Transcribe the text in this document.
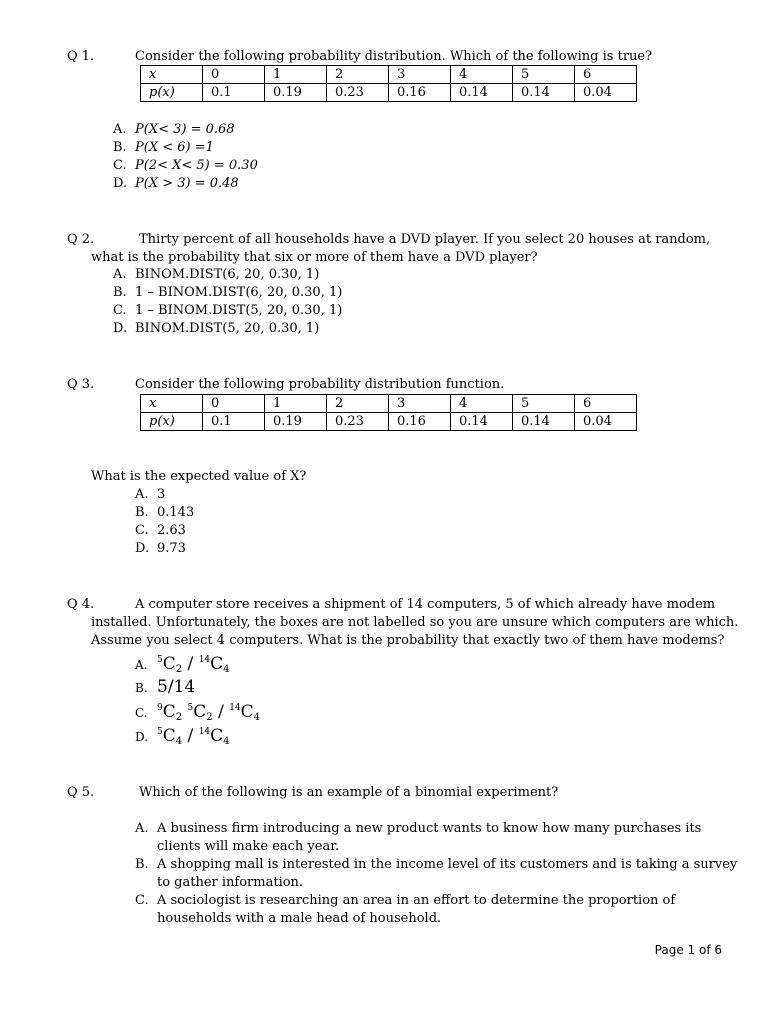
Q 1.	Consider the following probability distribution. Which of the following is true?
x	0	1	2	3	4	5	6
p(x)	0.1	0.19	0.23	0.16	0.14	0.14	0.04
A. P(X< 3) = 0.68
B. P(X < 6) =1
C. P(2< X< 5) = 0.30
D. P(X > 3) = 0.48
Q 2.	Thirty percent of all households have a DVD player. If you select 20 houses at random,
what is the probability that six or more of them have a DVD player?
A. BINOM.DIST(6, 20, 0.30, 1)
B. 1 – BINOM.DIST(6, 20, 0.30, 1)
C. 1 – BINOM.DIST(5, 20, 0.30, 1)
D. BINOM.DIST(5, 20, 0.30, 1)
Q 3.	Consider the following probability distribution function.
x	0	1	2	3	4	5	6
p(x)	0.1	0.19	0.23	0.16	0.14	0.14	0.04
What is the expected value of X?
A. 3
B. 0.143
C. 2.63
D. 9.73
Q 4.	A computer store receives a shipment of 14 computers, 5 of which already have modem
installed. Unfortunately, the boxes are not labelled so you are unsure which computers are which.
Assume you select 4 computers. What is the probability that exactly two of them have modems?
A. $^5C_2 / ^{14}C_4$
B. 5/14
C. $^9C_2$ $^5C_2 / ^{14}C_4$
D. $^5C_4 / ^{14}C_4$
Q 5.	Which of the following is an example of a binomial experiment?
A. A business firm introducing a new product wants to know how many purchases its
clients will make each year.
B. A shopping mall is interested in the income level of its customers and is taking a survey
to gather information.
C. A sociologist is researching an area in an effort to determine the proportion of
households with a male head of household.
Page 1 of 6
